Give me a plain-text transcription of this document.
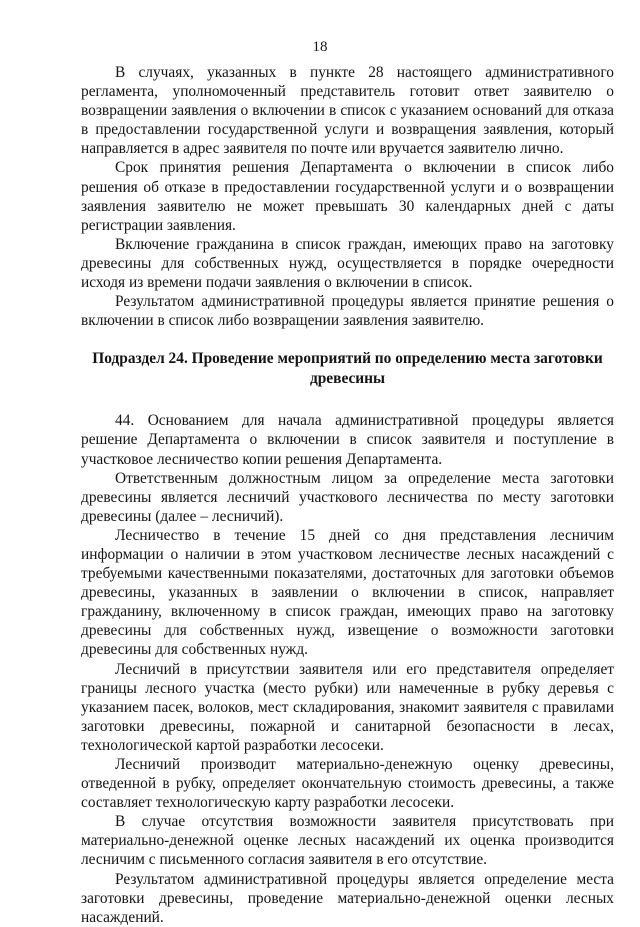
18

В случаях, указанных в пункте 28 настоящего административного регламента, уполномоченный представитель готовит ответ заявителю о возвращении заявления о включении в список с указанием оснований для отказа в предоставлении государственной услуги и возвращения заявления, который направляется в адрес заявителя по почте или вручается заявителю лично.

Срок принятия решения Департамента о включении в список либо решения об отказе в предоставлении государственной услуги и о возвращении заявления заявителю не может превышать 30 календарных дней с даты регистрации заявления.

Включение гражданина в список граждан, имеющих право на заготовку древесины для собственных нужд, осуществляется в порядке очередности исходя из времени подачи заявления о включении в список.

Результатом административной процедуры является принятие решения о включении в список либо возвращении заявления заявителю.

Подраздел 24. Проведение мероприятий по определению места заготовки древесины

44. Основанием для начала административной процедуры является решение Департамента о включении в список заявителя и поступление в участковое лесничество копии решения Департамента.

Ответственным должностным лицом за определение места заготовки древесины является лесничий участкового лесничества по месту заготовки древесины (далее – лесничий).

Лесничество в течение 15 дней со дня представления лесничим информации о наличии в этом участковом лесничестве лесных насаждений с требуемыми качественными показателями, достаточных для заготовки объемов древесины, указанных в заявлении о включении в список, направляет гражданину, включенному в список граждан, имеющих право на заготовку древесины для собственных нужд, извещение о возможности заготовки древесины для собственных нужд.

Лесничий в присутствии заявителя или его представителя определяет границы лесного участка (место рубки) или намеченные в рубку деревья с указанием пасек, волоков, мест складирования, знакомит заявителя с правилами заготовки древесины, пожарной и санитарной безопасности в лесах, технологической картой разработки лесосеки.

Лесничий производит материально-денежную оценку древесины, отведенной в рубку, определяет окончательную стоимость древесины, а также составляет технологическую карту разработки лесосеки.

В случае отсутствия возможности заявителя присутствовать при материально-денежной оценке лесных насаждений их оценка производится лесничим с письменного согласия заявителя в его отсутствие.

Результатом административной процедуры является определение места заготовки древесины, проведение материально-денежной оценки лесных насаждений.
